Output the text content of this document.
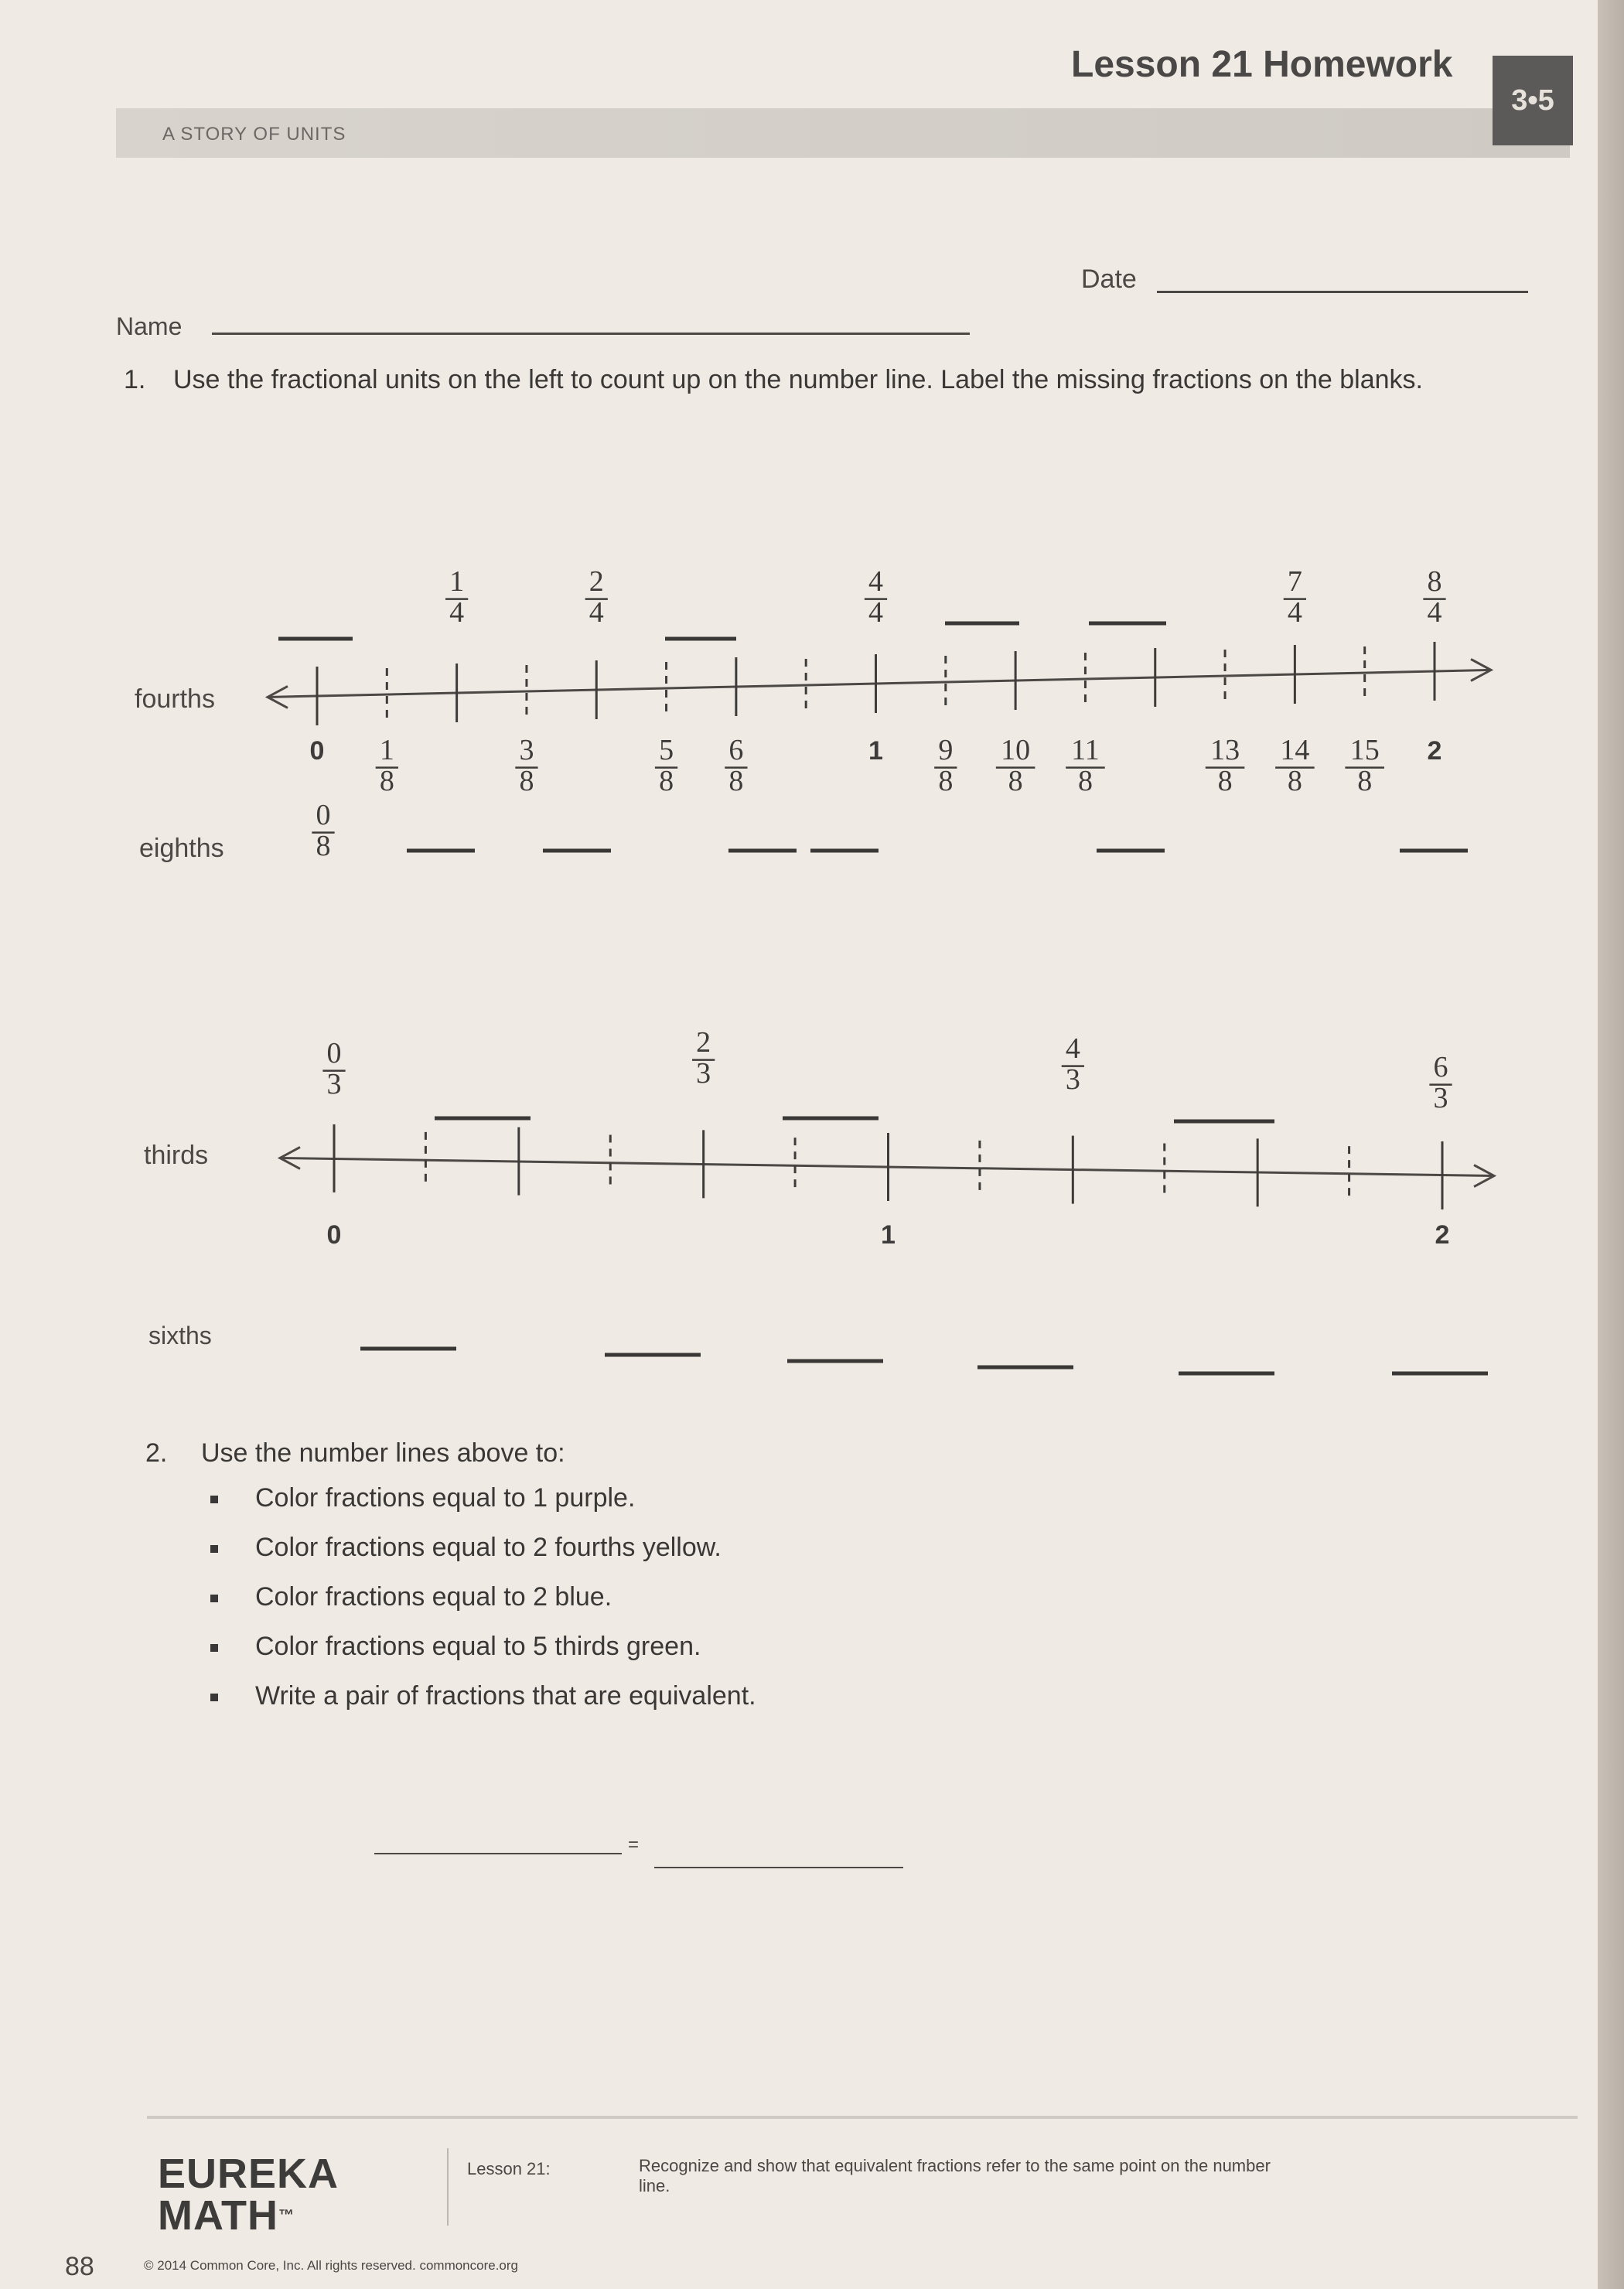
A STORY OF UNITS
Lesson 21 Homework
3•5
Date
Name
1. Use the fractional units on the left to count up on the number line. Label the missing fractions on the blanks.
fourths
eighths
0	1	2
1
4
2
4
4
4
7
4
8
4
0
8
1
8
3
8
5
8
6
8
9
8
10
8
11
8
13
8
14
8
15
8
thirds
sixths
0	1	2
0
3
2
3
4
3	6
3
2. Use the number lines above to:
Color fractions equal to 1 purple.
Color fractions equal to 2 fourths yellow.
Color fractions equal to 2 blue.
Color fractions equal to 5 thirds green.
Write a pair of fractions that are equivalent.
=
EUREKA
MATH™
Lesson 21:	Recognize and show that equivalent fractions refer to the same point on the number line.
88	© 2014 Common Core, Inc. All rights reserved. commoncore.org
